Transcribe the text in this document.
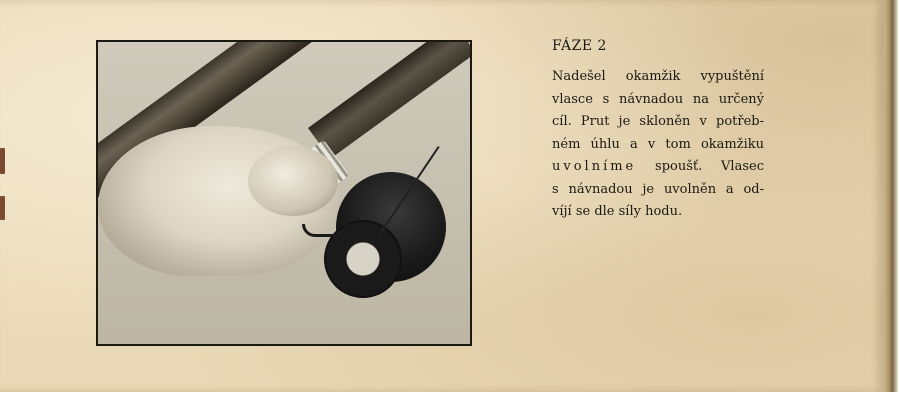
FÁZE 2
Nadešel okamžik vypuštění
vlasce s návnadou na určený
cíl. Prut je skloněn v potřeb-
ném úhlu a v tom okamžiku
uvolníme spoušť. Vlasec
s návnadou je uvolněn a od-
víjí se dle síly hodu.
